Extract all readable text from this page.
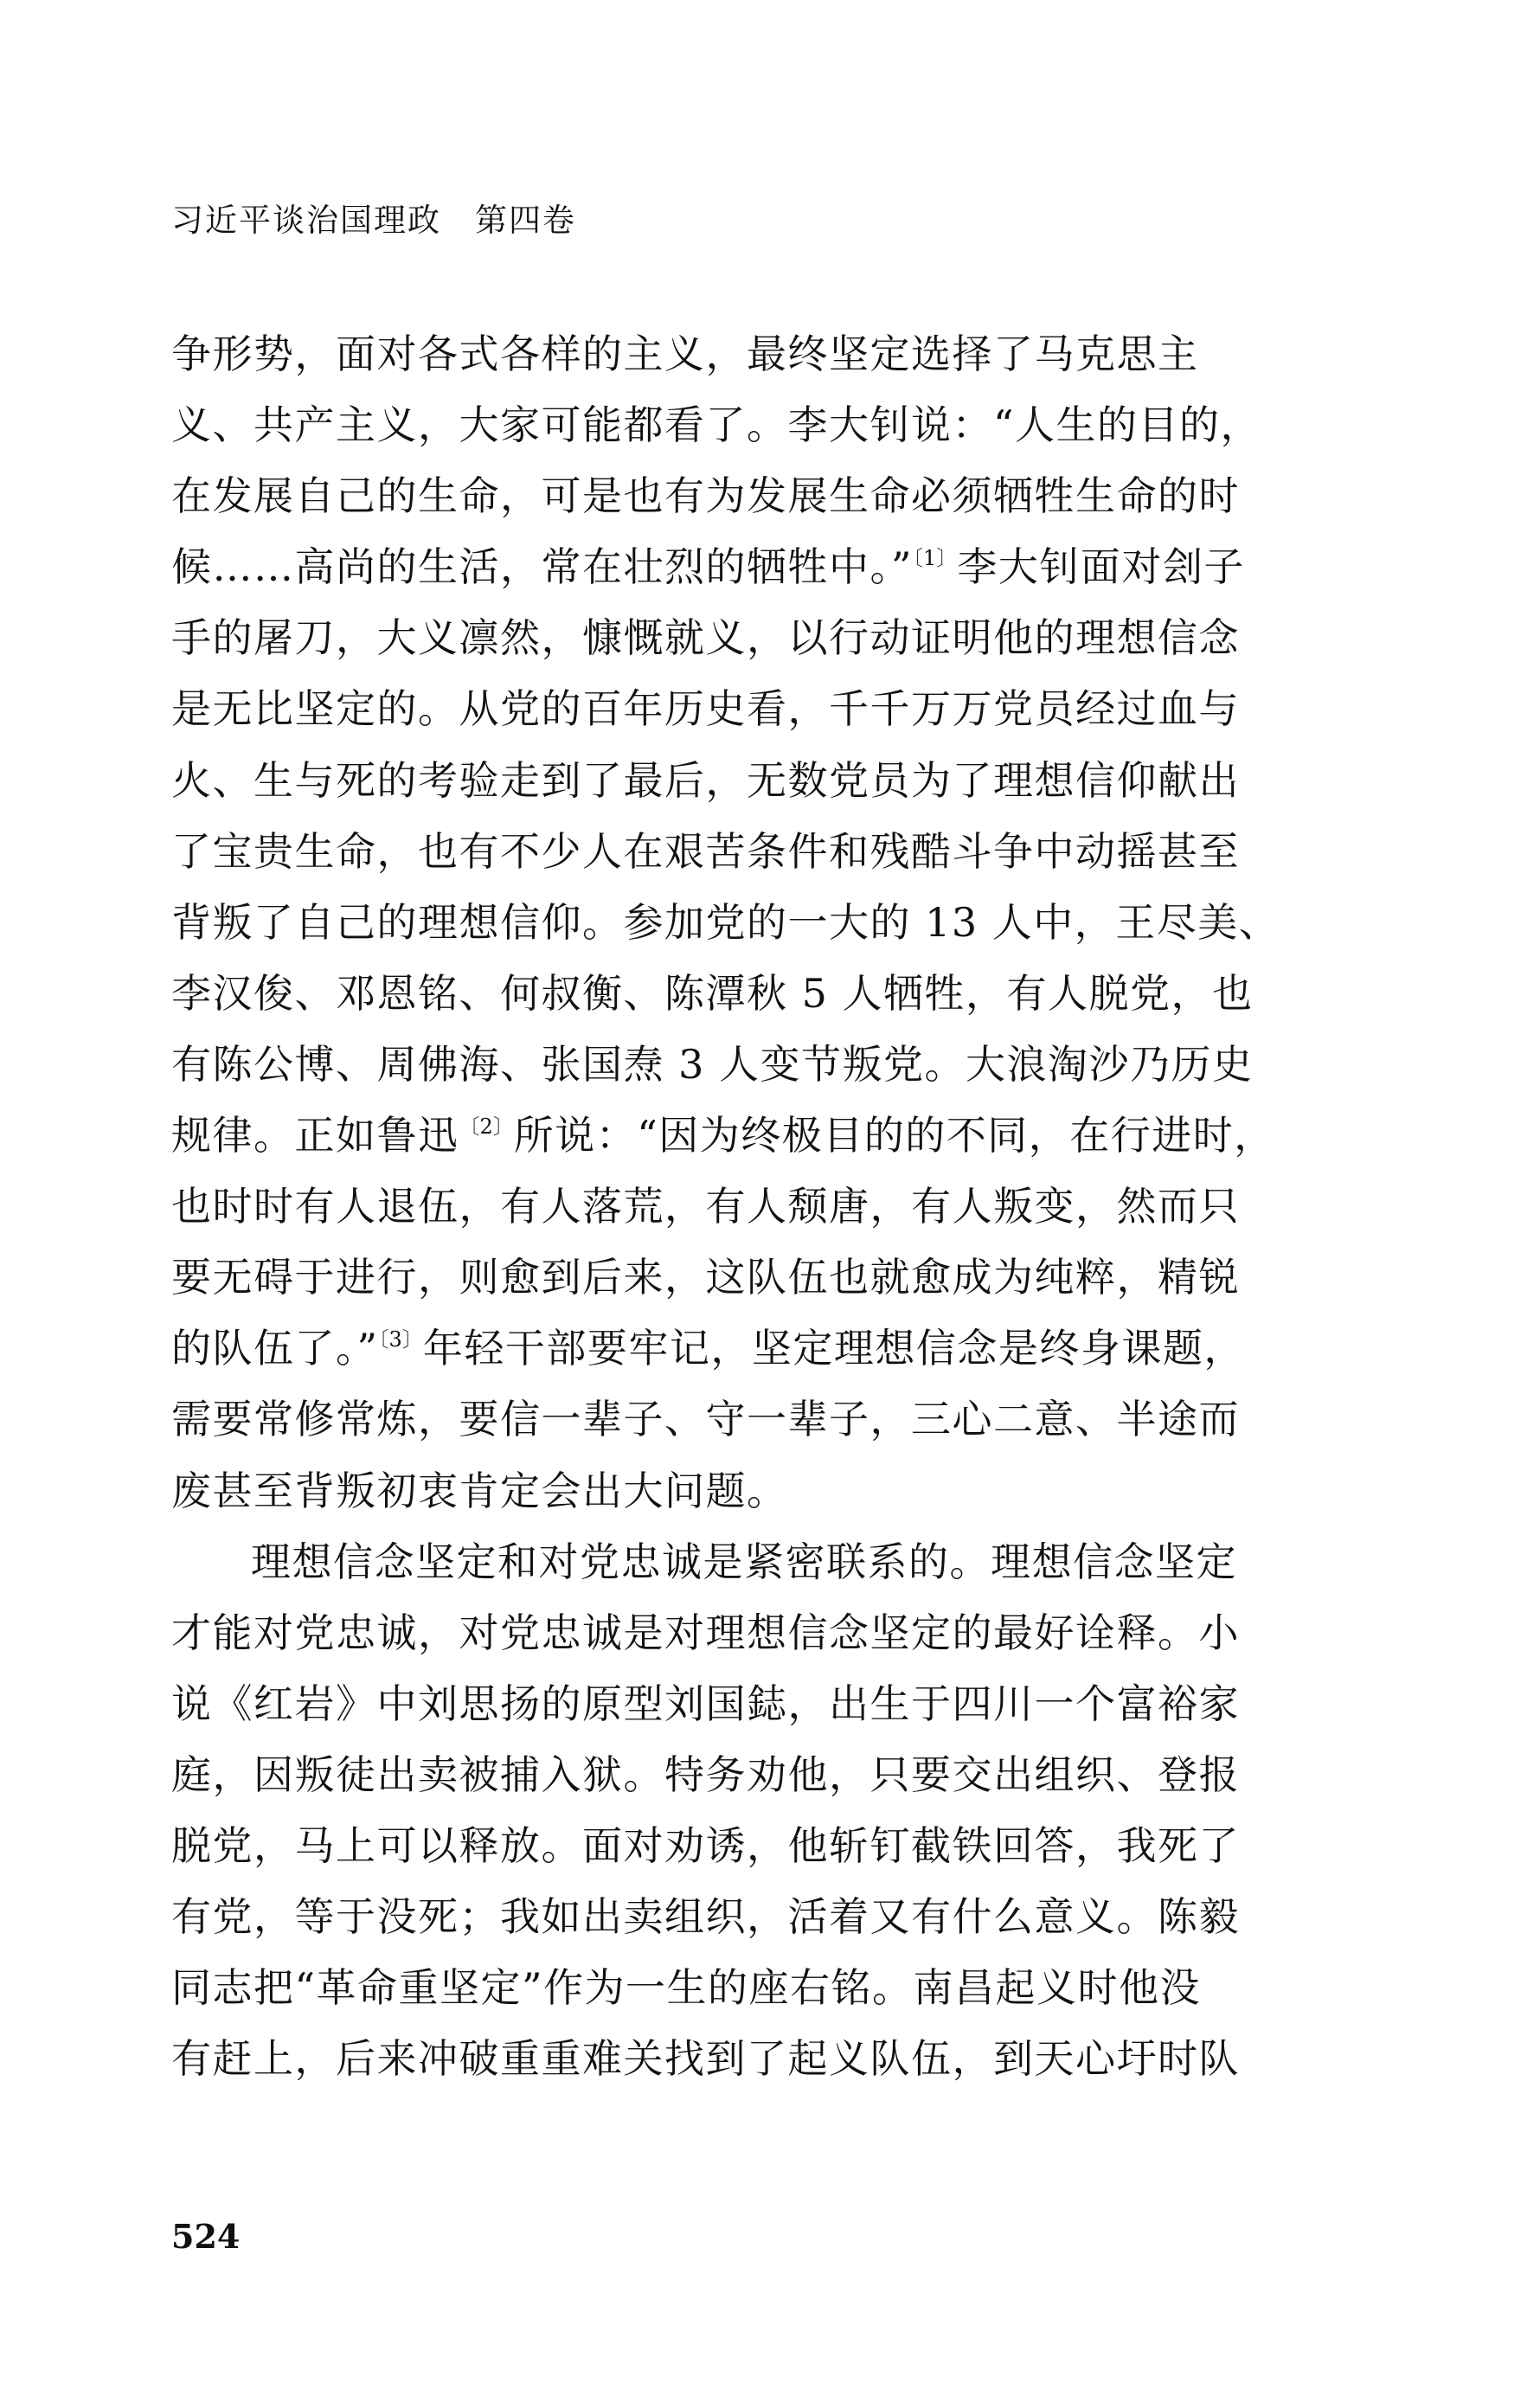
习近平谈治国理政　第四卷
争形势，面对各式各样的主义，最终坚定选择了马克思主
义、共产主义，大家可能都看了。李大钊说：“人生的目的，
在发展自己的生命，可是也有为发展生命必须牺牲生命的时
候……高尚的生活，常在壮烈的牺牲中。”$^{〔1〕}$李大钊面对刽子
手的屠刀，大义凛然，慷慨就义，以行动证明他的理想信念
是无比坚定的。从党的百年历史看，千千万万党员经过血与
火、生与死的考验走到了最后，无数党员为了理想信仰献出
了宝贵生命，也有不少人在艰苦条件和残酷斗争中动摇甚至
背叛了自己的理想信仰。参加党的一大的 13 人中，王尽美、
李汉俊、邓恩铭、何叔衡、陈潭秋 5 人牺牲，有人脱党，也
有陈公博、周佛海、张国焘 3 人变节叛党。大浪淘沙乃历史
规律。正如鲁迅$^{〔2〕}$所说：“因为终极目的的不同，在行进时，
也时时有人退伍，有人落荒，有人颓唐，有人叛变，然而只
要无碍于进行，则愈到后来，这队伍也就愈成为纯粹，精锐
的队伍了。”$^{〔3〕}$年轻干部要牢记，坚定理想信念是终身课题，
需要常修常炼，要信一辈子、守一辈子，三心二意、半途而
废甚至背叛初衷肯定会出大问题。
理想信念坚定和对党忠诚是紧密联系的。理想信念坚定
才能对党忠诚，对党忠诚是对理想信念坚定的最好诠释。小
说《红岩》中刘思扬的原型刘国鋕，出生于四川一个富裕家
庭，因叛徒出卖被捕入狱。特务劝他，只要交出组织、登报
脱党，马上可以释放。面对劝诱，他斩钉截铁回答，我死了
有党，等于没死；我如出卖组织，活着又有什么意义。陈毅
同志把“革命重坚定”作为一生的座右铭。南昌起义时他没
有赶上，后来冲破重重难关找到了起义队伍，到天心圩时队
524
